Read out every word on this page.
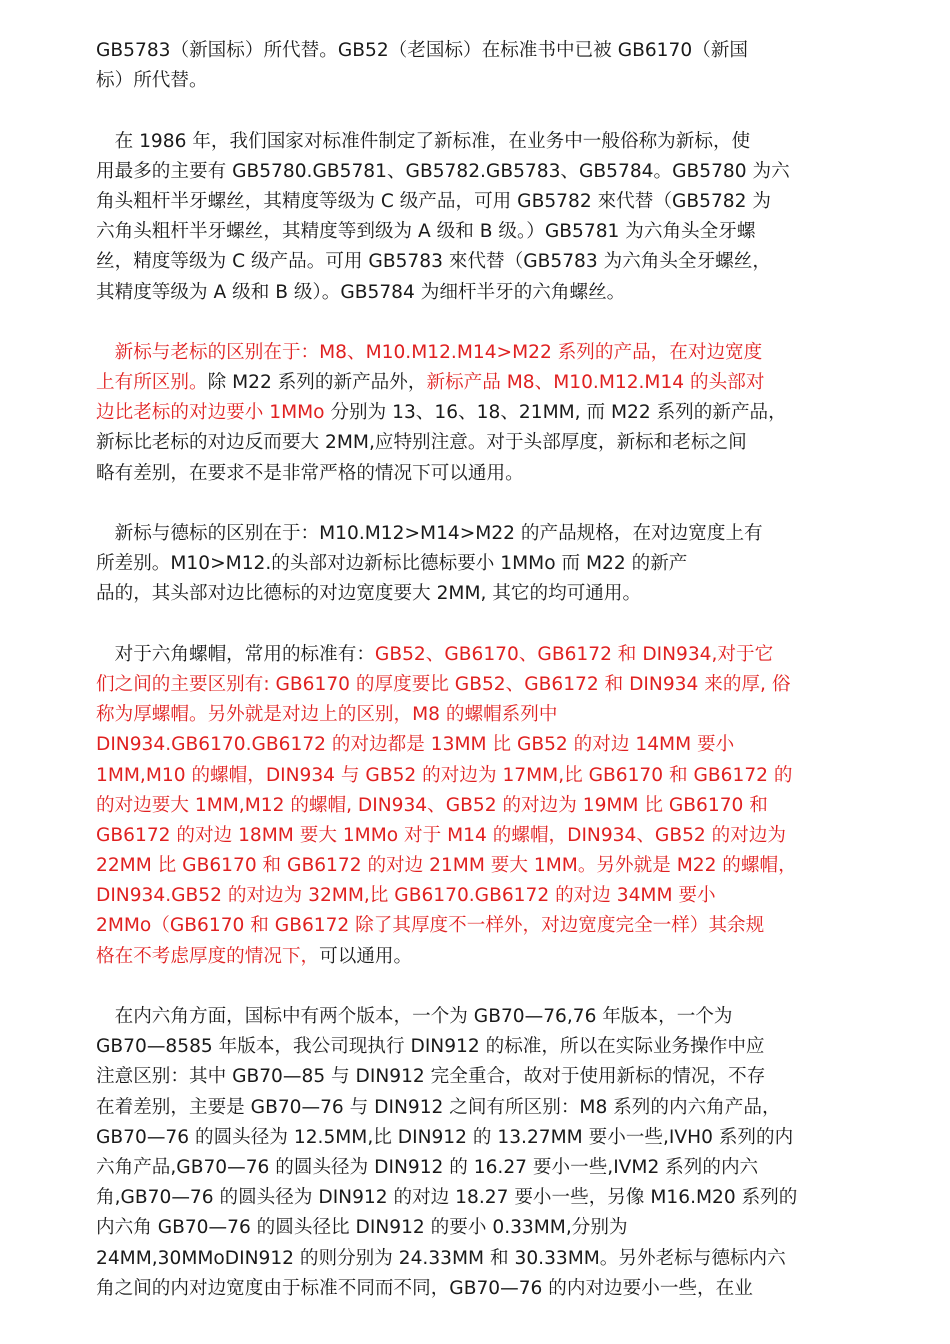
GB5783（新国标）所代替。GB52（老国标）在标准书中已被 GB6170（新国
标）所代替。
　在 1986 年，我们国家对标准件制定了新标准，在业务中一般俗称为新标，使
用最多的主要有 GB5780.GB5781、GB5782.GB5783、GB5784。GB5780 为六
角头粗杆半牙螺丝，其精度等级为 C 级产品，可用 GB5782 來代替（GB5782 为
六角头粗杆半牙螺丝，其精度等到级为 A 级和 B 级。）GB5781 为六角头全牙螺
丝，精度等级为 C 级产品。可用 GB5783 來代替（GB5783 为六角头全牙螺丝，
其精度等级为 A 级和 B 级）。GB5784 为细杆半牙的六角螺丝。
　新标与老标的区别在于：M8、M10.M12.M14>M22 系列的产品，在对边宽度
上有所区别。除 M22 系列的新产品外，新标产品 M8、M10.M12.M14 的头部对
边比老标的对边要小 1MMo 分别为 13、16、18、21MM, 而 M22 系列的新产品，
新标比老标的对边反而要大 2MM,应特别注意。对于头部厚度，新标和老标之间
略有差别，在要求不是非常严格的情况下可以通用。
　新标与德标的区别在于：M10.M12>M14>M22 的产品规格，在对边宽度上有
所差别。M10>M12.的头部对边新标比德标要小 1MMo 而 M22 的新产
品的，其头部对边比德标的对边宽度要大 2MM, 其它的均可通用。
　对于六角螺帽，常用的标准有：GB52、GB6170、GB6172 和 DIN934,对于它
们之间的主要区别有: GB6170 的厚度要比 GB52、GB6172 和 DIN934 来的厚, 俗
称为厚螺帽。另外就是对边上的区别，M8 的螺帽系列中
DIN934.GB6170.GB6172 的对边都是 13MM 比 GB52 的对边 14MM 要小
1MM,M10 的螺帽，DIN934 与 GB52 的对边为 17MM,比 GB6170 和 GB6172 的
的对边要大 1MM,M12 的螺帽, DIN934、GB52 的对边为 19MM 比 GB6170 和
GB6172 的对边 18MM 要大 1MMo 对于 M14 的螺帽，DIN934、GB52 的对边为
22MM 比 GB6170 和 GB6172 的对边 21MM 要大 1MM。另外就是 M22 的螺帽，
DIN934.GB52 的对边为 32MM,比 GB6170.GB6172 的对边 34MM 要小
2MMo（GB6170 和 GB6172 除了其厚度不一样外，对边宽度完全一样）其余规
格在不考虑厚度的情况下，可以通用。
　在内六角方面，国标中有两个版本，一个为 GB70—76,76 年版本，一个为
GB70—8585 年版本，我公司现执行 DIN912 的标准，所以在实际业务操作中应
注意区别：其中 GB70—85 与 DIN912 完全重合，故对于使用新标的情况，不存
在着差别，主要是 GB70—76 与 DIN912 之间有所区别：M8 系列的内六角产品，
GB70—76 的圆头径为 12.5MM,比 DIN912 的 13.27MM 要小一些,IVH0 系列的内
六角产品,GB70—76 的圆头径为 DIN912 的 16.27 要小一些,IVM2 系列的内六
角,GB70—76 的圆头径为 DIN912 的对边 18.27 要小一些，另像 M16.M20 系列的
内六角 GB70—76 的圆头径比 DIN912 的要小 0.33MM,分别为
24MM,30MMoDIN912 的则分别为 24.33MM 和 30.33MM。另外老标与德标内六
角之间的内对边宽度由于标准不同而不同，GB70—76 的内对边要小一些，在业
